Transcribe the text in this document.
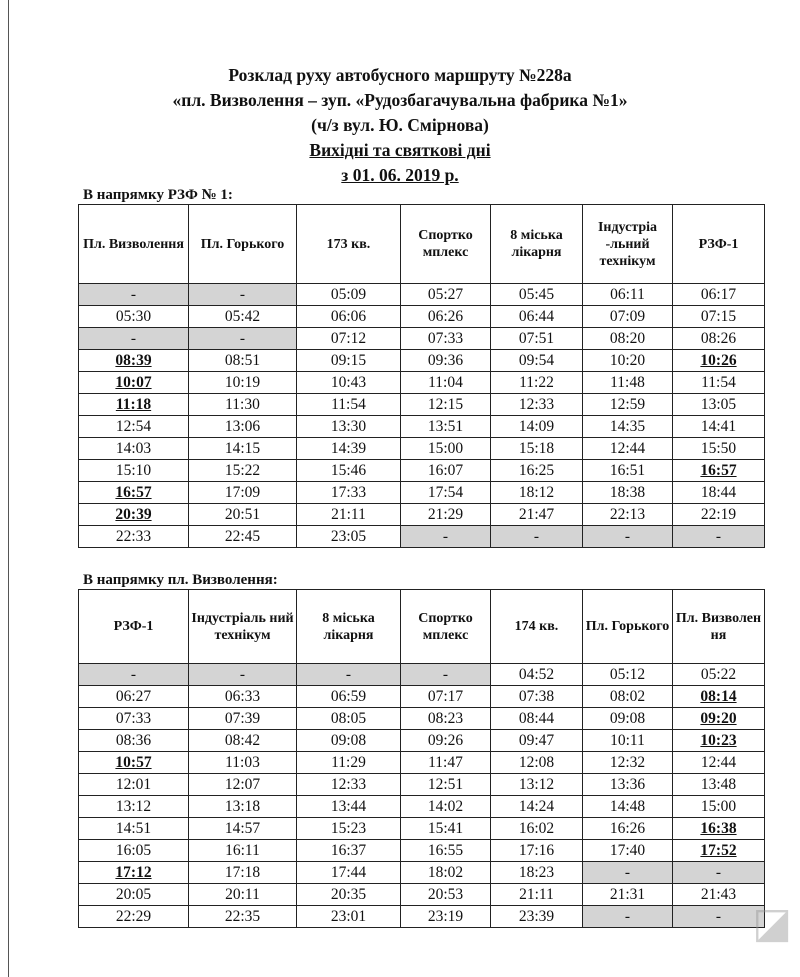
Розклад руху автобусного маршруту №228а
«пл. Визволення – зуп. «Рудозбагачувальна фабрика №1»
(ч/з вул. Ю. Смірнова)
Вихідні та святкові дні
з 01. 06. 2019 р.
В напрямку РЗФ № 1:
Пл. Визволення	Пл. Горького	173 кв.	Спортко мплекс	8 міська лікарня	Індустріа -льний технікум	РЗФ-1
-	-	05:09	05:27	05:45	06:11	06:17
05:30	05:42	06:06	06:26	06:44	07:09	07:15
-	-	07:12	07:33	07:51	08:20	08:26
08:39	08:51	09:15	09:36	09:54	10:20	10:26
10:07	10:19	10:43	11:04	11:22	11:48	11:54
11:18	11:30	11:54	12:15	12:33	12:59	13:05
12:54	13:06	13:30	13:51	14:09	14:35	14:41
14:03	14:15	14:39	15:00	15:18	12:44	15:50
15:10	15:22	15:46	16:07	16:25	16:51	16:57
16:57	17:09	17:33	17:54	18:12	18:38	18:44
20:39	20:51	21:11	21:29	21:47	22:13	22:19
22:33	22:45	23:05	-	-	-	-
В напрямку пл. Визволення:
РЗФ-1	Індустріаль ний технікум	8 міська лікарня	Спортко мплекс	174 кв.	Пл. Горького	Пл. Визволен ня
-	-	-	-	04:52	05:12	05:22
06:27	06:33	06:59	07:17	07:38	08:02	08:14
07:33	07:39	08:05	08:23	08:44	09:08	09:20
08:36	08:42	09:08	09:26	09:47	10:11	10:23
10:57	11:03	11:29	11:47	12:08	12:32	12:44
12:01	12:07	12:33	12:51	13:12	13:36	13:48
13:12	13:18	13:44	14:02	14:24	14:48	15:00
14:51	14:57	15:23	15:41	16:02	16:26	16:38
16:05	16:11	16:37	16:55	17:16	17:40	17:52
17:12	17:18	17:44	18:02	18:23	-	-
20:05	20:11	20:35	20:53	21:11	21:31	21:43
22:29	22:35	23:01	23:19	23:39	-	- ◪
